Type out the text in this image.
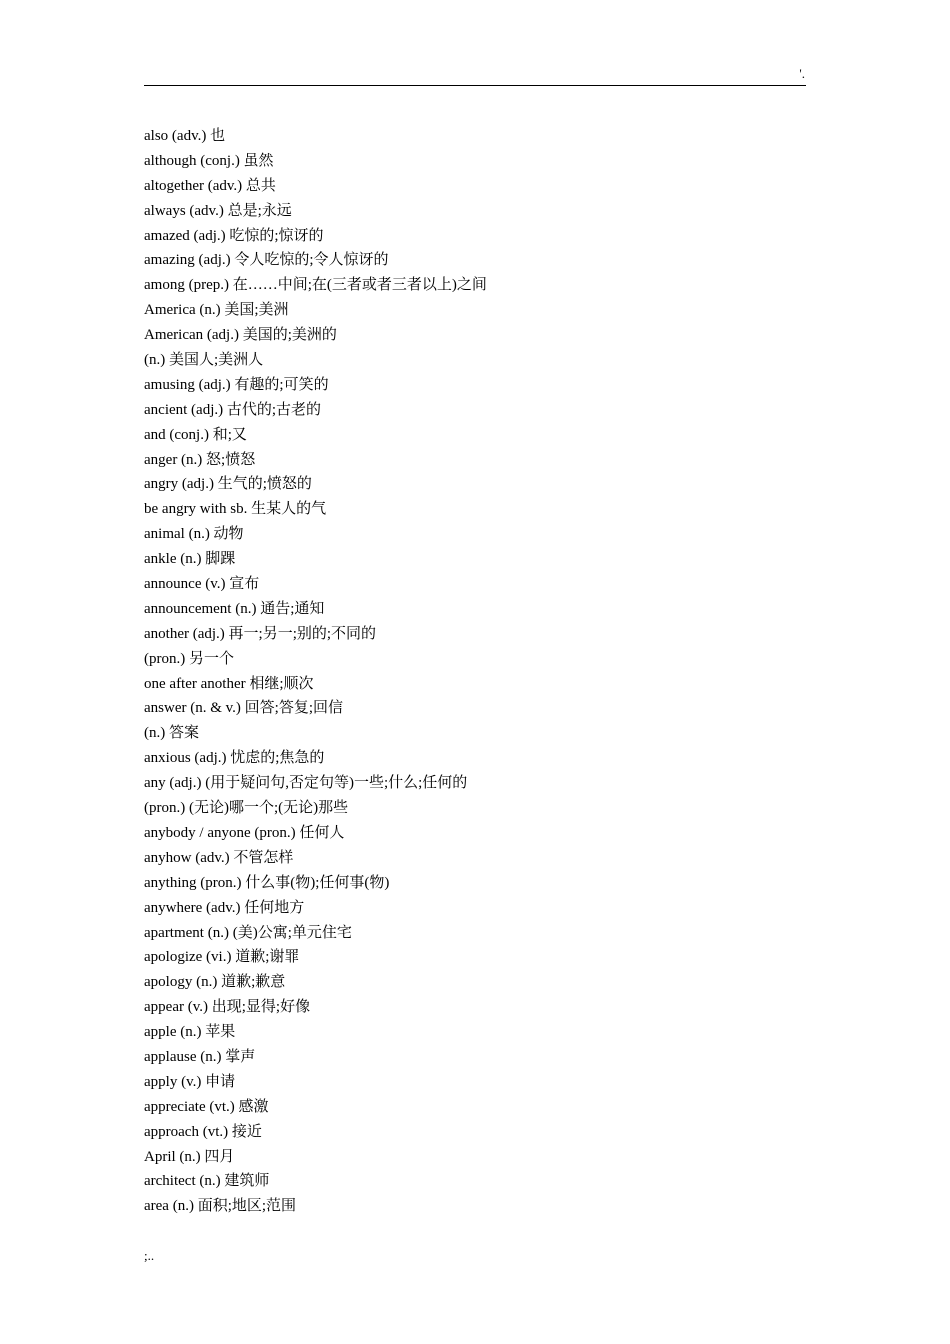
'.
also (adv.) 也
although (conj.) 虽然
altogether (adv.) 总共
always (adv.) 总是;永远
amazed (adj.) 吃惊的;惊讶的
amazing (adj.) 令人吃惊的;令人惊讶的
among (prep.) 在……中间;在(三者或者三者以上)之间
America (n.) 美国;美洲
American (adj.) 美国的;美洲的
(n.) 美国人;美洲人
amusing (adj.) 有趣的;可笑的
ancient (adj.) 古代的;古老的
and (conj.) 和;又
anger (n.) 怒;愤怒
angry (adj.) 生气的;愤怒的
be angry with sb. 生某人的气
animal (n.) 动物
ankle (n.) 脚踝
announce (v.) 宣布
announcement (n.) 通告;通知
another (adj.) 再一;另一;别的;不同的
(pron.) 另一个
one after another 相继;顺次
answer (n. & v.) 回答;答复;回信
(n.) 答案
anxious (adj.) 忧虑的;焦急的
any (adj.) (用于疑问句,否定句等)一些;什么;任何的
(pron.) (无论)哪一个;(无论)那些
anybody / anyone (pron.) 任何人
anyhow (adv.) 不管怎样
anything (pron.) 什么事(物);任何事(物)
anywhere (adv.) 任何地方
apartment (n.) (美)公寓;单元住宅
apologize (vi.) 道歉;谢罪
apology (n.) 道歉;歉意
appear (v.) 出现;显得;好像
apple (n.) 苹果
applause (n.) 掌声
apply (v.) 申请
appreciate (vt.) 感激
approach (vt.) 接近
April (n.) 四月
architect (n.) 建筑师
area (n.) 面积;地区;范围
;..
